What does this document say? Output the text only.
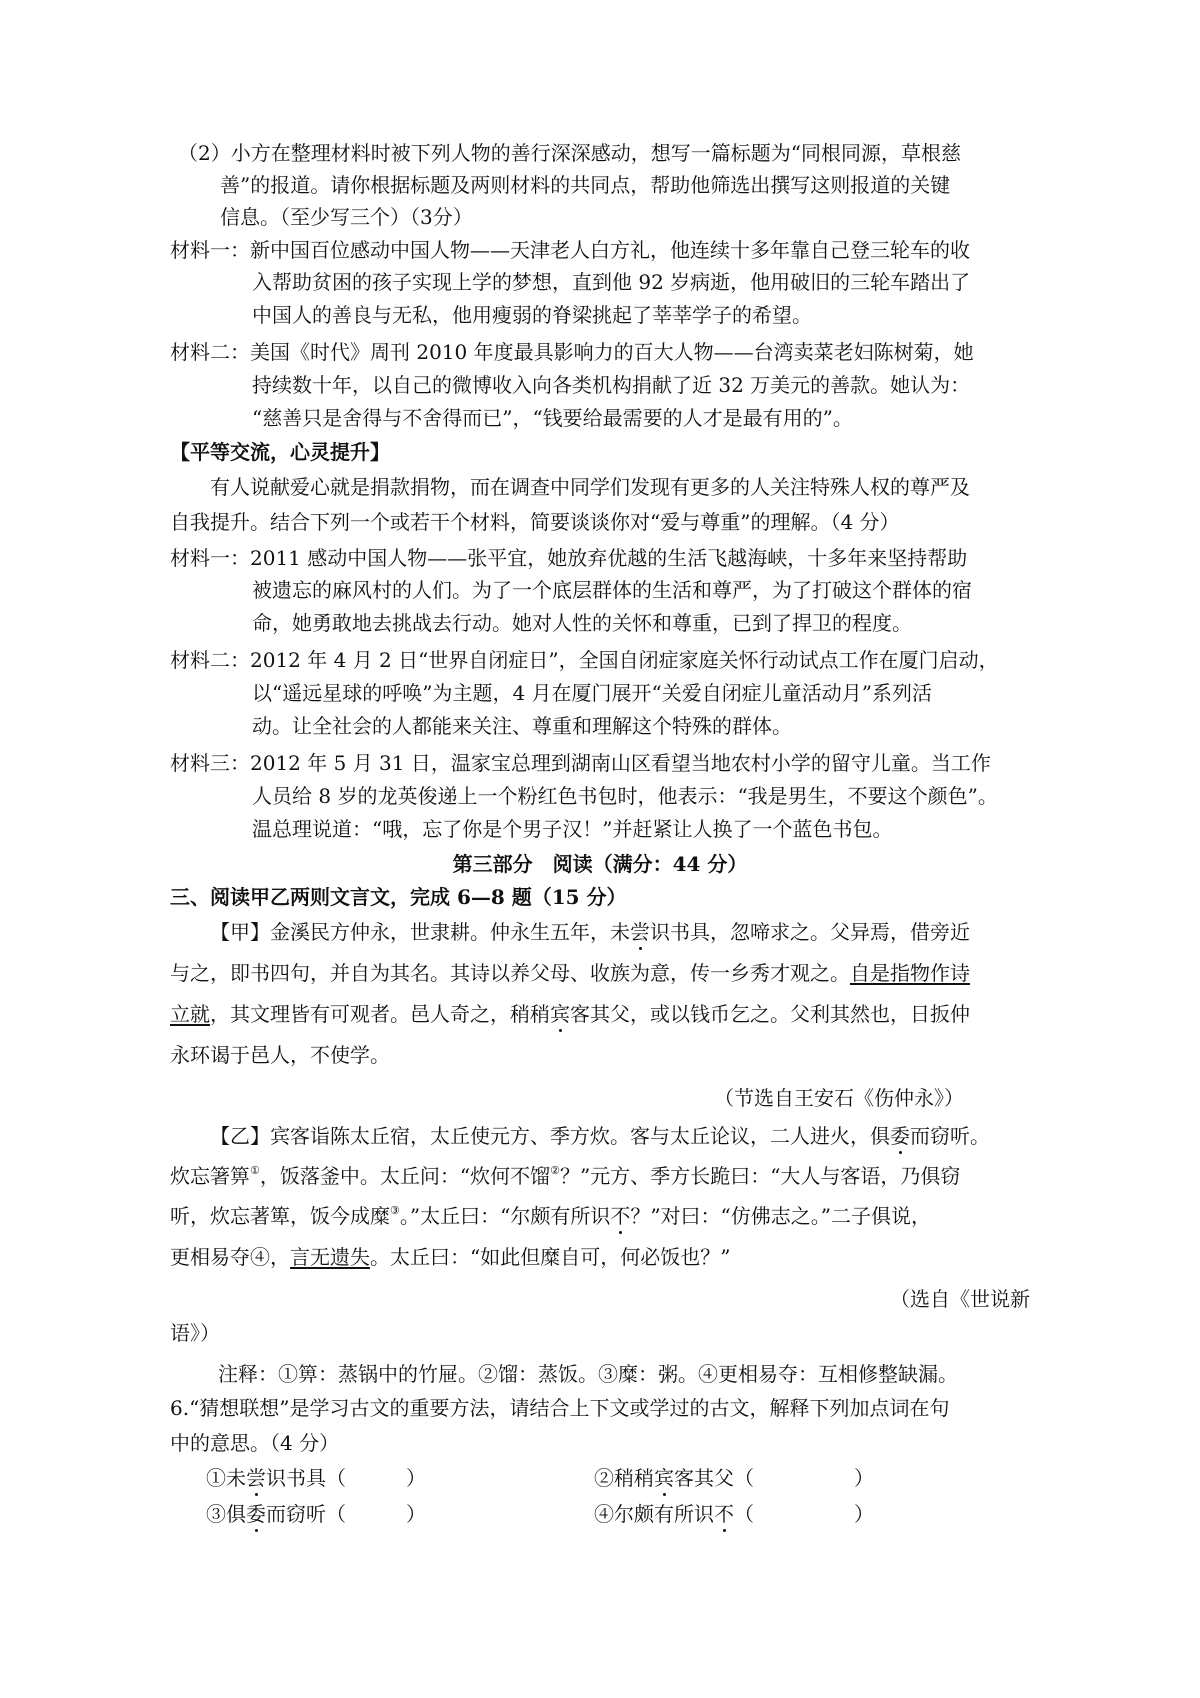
（2）小方在整理材料时被下列人物的善行深深感动，想写一篇标题为“同根同源，草根慈
善”的报道。请你根据标题及两则材料的共同点，帮助他筛选出撰写这则报道的关键
信息。（至少写三个）（3分）
材料一：新中国百位感动中国人物——天津老人白方礼，他连续十多年靠自己登三轮车的收
入帮助贫困的孩子实现上学的梦想，直到他 92 岁病逝，他用破旧的三轮车踏出了
中国人的善良与无私，他用瘦弱的脊梁挑起了莘莘学子的希望。
材料二：美国《时代》周刊 2010 年度最具影响力的百大人物——台湾卖菜老妇陈树菊，她
持续数十年，以自己的微博收入向各类机构捐献了近 32 万美元的善款。她认为：
“慈善只是舍得与不舍得而已”，“钱要给最需要的人才是最有用的”。
【平等交流，心灵提升】
有人说献爱心就是捐款捐物，而在调查中同学们发现有更多的人关注特殊人权的尊严及
自我提升。结合下列一个或若干个材料，简要谈谈你对“爱与尊重”的理解。（4 分）
材料一：2011 感动中国人物——张平宜，她放弃优越的生活飞越海峡，十多年来坚持帮助
被遗忘的麻风村的人们。为了一个底层群体的生活和尊严，为了打破这个群体的宿
命，她勇敢地去挑战去行动。她对人性的关怀和尊重，已到了捍卫的程度。
材料二：2012 年 4 月 2 日“世界自闭症日”，全国自闭症家庭关怀行动试点工作在厦门启动，
以“遥远星球的呼唤”为主题，4 月在厦门展开“关爱自闭症儿童活动月”系列活
动。让全社会的人都能来关注、尊重和理解这个特殊的群体。
材料三：2012 年 5 月 31 日，温家宝总理到湖南山区看望当地农村小学的留守儿童。当工作
人员给 8 岁的龙英俊递上一个粉红色书包时，他表示：“我是男生，不要这个颜色”。
温总理说道：“哦，忘了你是个男子汉！”并赶紧让人换了一个蓝色书包。
第三部分　阅读（满分：44 分）
三、阅读甲乙两则文言文，完成 6—8 题（15 分）
【甲】金溪民方仲永，世隶耕。仲永生五年，未尝识书具，忽啼求之。父异焉，借旁近
与之，即书四句，并自为其名。其诗以养父母、收族为意，传一乡秀才观之。自是指物作诗
立就，其文理皆有可观者。邑人奇之，稍稍宾客其父，或以钱币乞之。父利其然也，日扳仲
永环谒于邑人，不使学。
（节选自王安石《伤仲永》）
【乙】宾客诣陈太丘宿，太丘使元方、季方炊。客与太丘论议，二人进火，俱委而窃听。
炊忘箸箅①，饭落釜中。太丘问：“炊何不馏②？”元方、季方长跪曰：“大人与客语，乃俱窃
听，炊忘著箄，饭今成糜③。”太丘曰：“尔颇有所识不？”对曰：“仿佛志之。”二子俱说，
更相易夺④，言无遗失。太丘曰：“如此但糜自可，何必饭也？”
（选自《世说新
语》）
注释：①箅：蒸锅中的竹屉。②馏：蒸饭。③糜：粥。④更相易夺：互相修整缺漏。
6.“猜想联想”是学习古文的重要方法，请结合上下文或学过的古文，解释下列加点词在句
中的意思。（4 分）
①未尝识书具（　　　）	②稍稍宾客其父（　　　　　）
③俱委而窃听（　　　）	④尔颇有所识不（　　　　　）
